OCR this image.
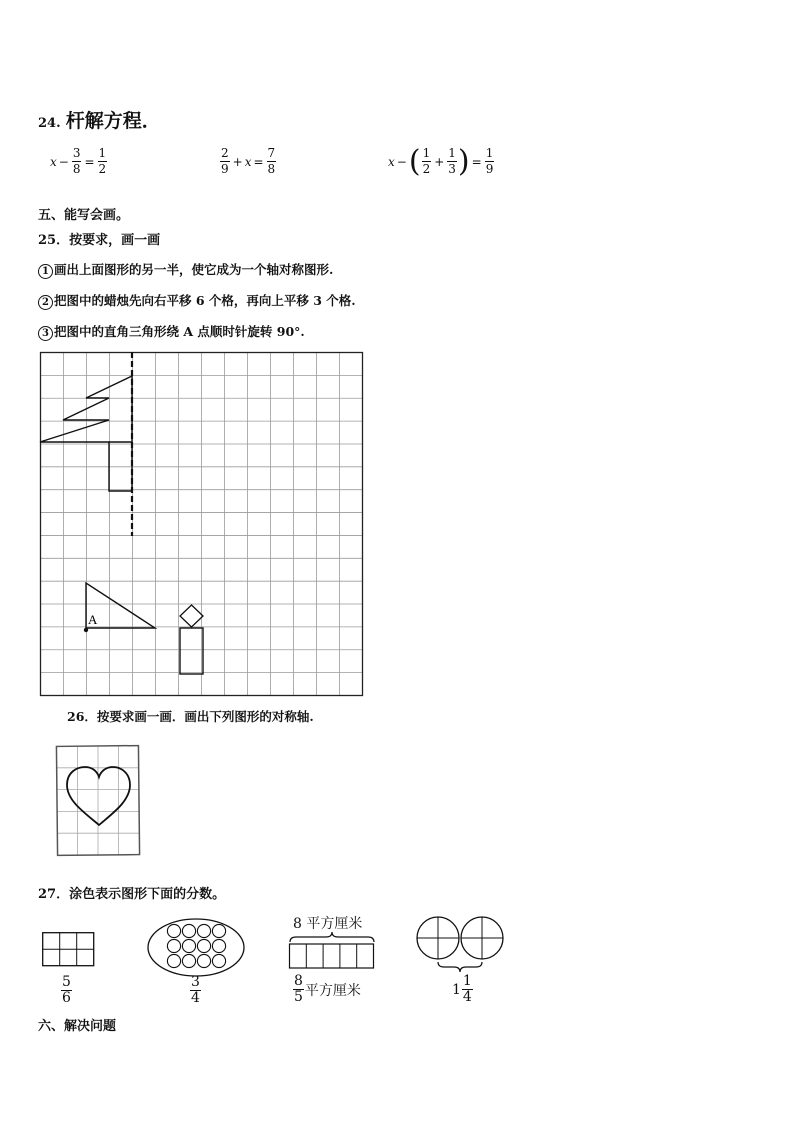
24. 杆解方程．
$x - \frac{3}{8} = \frac{1}{2}$	$\frac{2}{9} + x = \frac{7}{8}$	x − ( $\frac{1}{2} + \frac{1}{3}$ ) = $\frac{1}{9}$
五、能写会画。
25．按要求，画一画
1 画出上面图形的另一半，使它成为一个轴对称图形.
2 把图中的蜡烛先向右平移 6 个格，再向上平移 3 个格.
3 把图中的直角三角形绕 A 点顺时针旋转 90°.
A
26．按要求画一画．画出下列图形的对称轴.
27．涂色表示图形下面的分数。
$\frac{5}{6}$	$\frac{3}{4}$
8 平方厘米
$\frac{8}{5}$ 平方厘米	$1 \frac{1}{4}$
六、解决问题
